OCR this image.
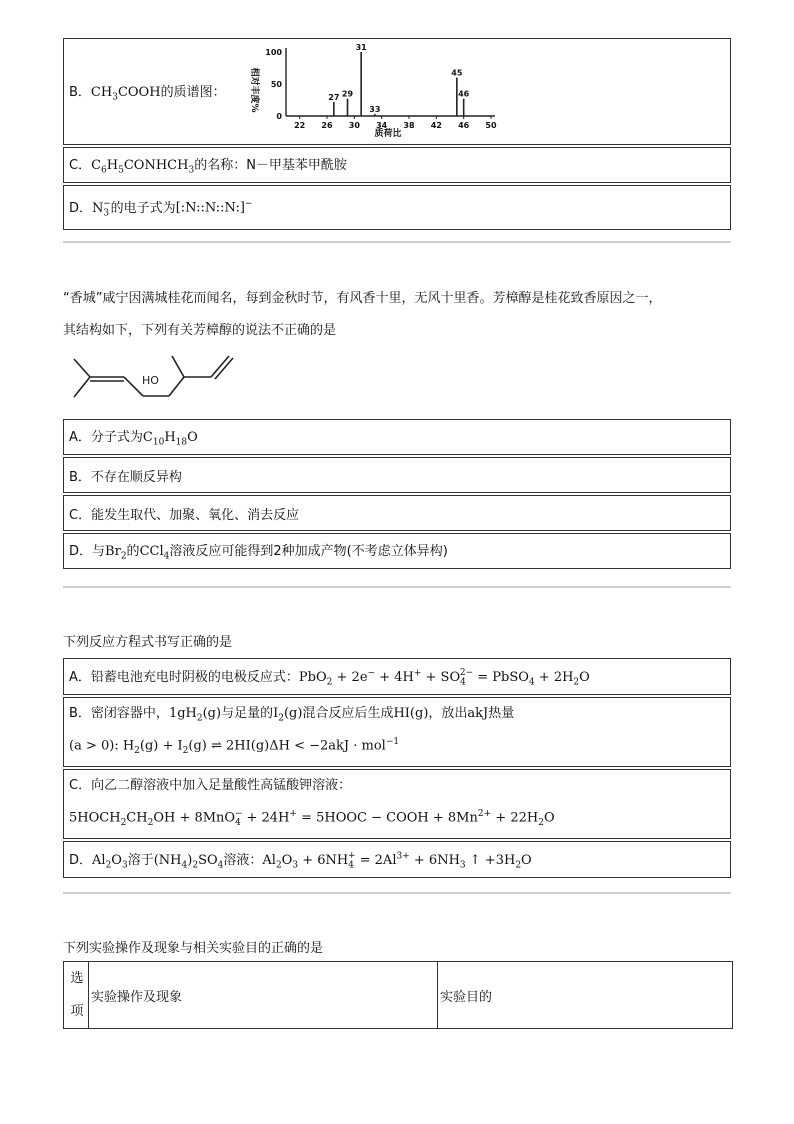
B．$CH_3COOH$的质谱图：	相对丰度%
100
50
0
22 26 30 34 38 42 46 50
27 29
31
33
45
46
质荷比
C．$C_6H_5CONHCH_3$的名称：N－甲基苯甲酰胺
D．$N_3^-$的电子式为[:N::N::N:]−
“香城”咸宁因满城桂花而闻名，每到金秋时节，有风香十里，无风十里香。芳樟醇是桂花致香原因之一，
其结构如下，下列有关芳樟醇的说法不正确的是
HO
A．分子式为$C_{10}H_{18}O$
B．不存在顺反异构
C．能发生取代、加聚、氧化、消去反应
D．与$Br_2$的CCl$_4$溶液反应可能得到2种加成产物(不考虑立体异构)
下列反应方程式书写正确的是
A．铅蓄电池充电时阴极的电极反应式：$PbO_2 + 2e^- + 4H^+ + SO_4^{2-}$ = PbSO$_4$ + $2H_2O$
B．密闭容器中，$1gH_2(g)$与足量的$I_2(g)$混合反应后生成HI(g)，放出akJ热量
(a > 0): $H_2(g) + I_2(g)$ ⇌ 2HI(g)ΔH < −2akJ · mol$^{-1}$
C．向乙二醇溶液中加入足量酸性高锰酸钾溶液：
$5HOCH_2CH_2OH + 8MnO_4^- + 24H^+$ = 5HOOC − COOH + $8Mn^{2+} + 22H_2O$
D．$Al_2O_3$溶于$(NH_4)_2SO_4$溶液：$Al_2O_3 + 6NH_4^+ = 2Al^{3+} + 6NH_3$ ↑ $+3H_2O$
下列实验操作及现象与相关实验目的正确的是
选
项	实验操作及现象	实验目的
